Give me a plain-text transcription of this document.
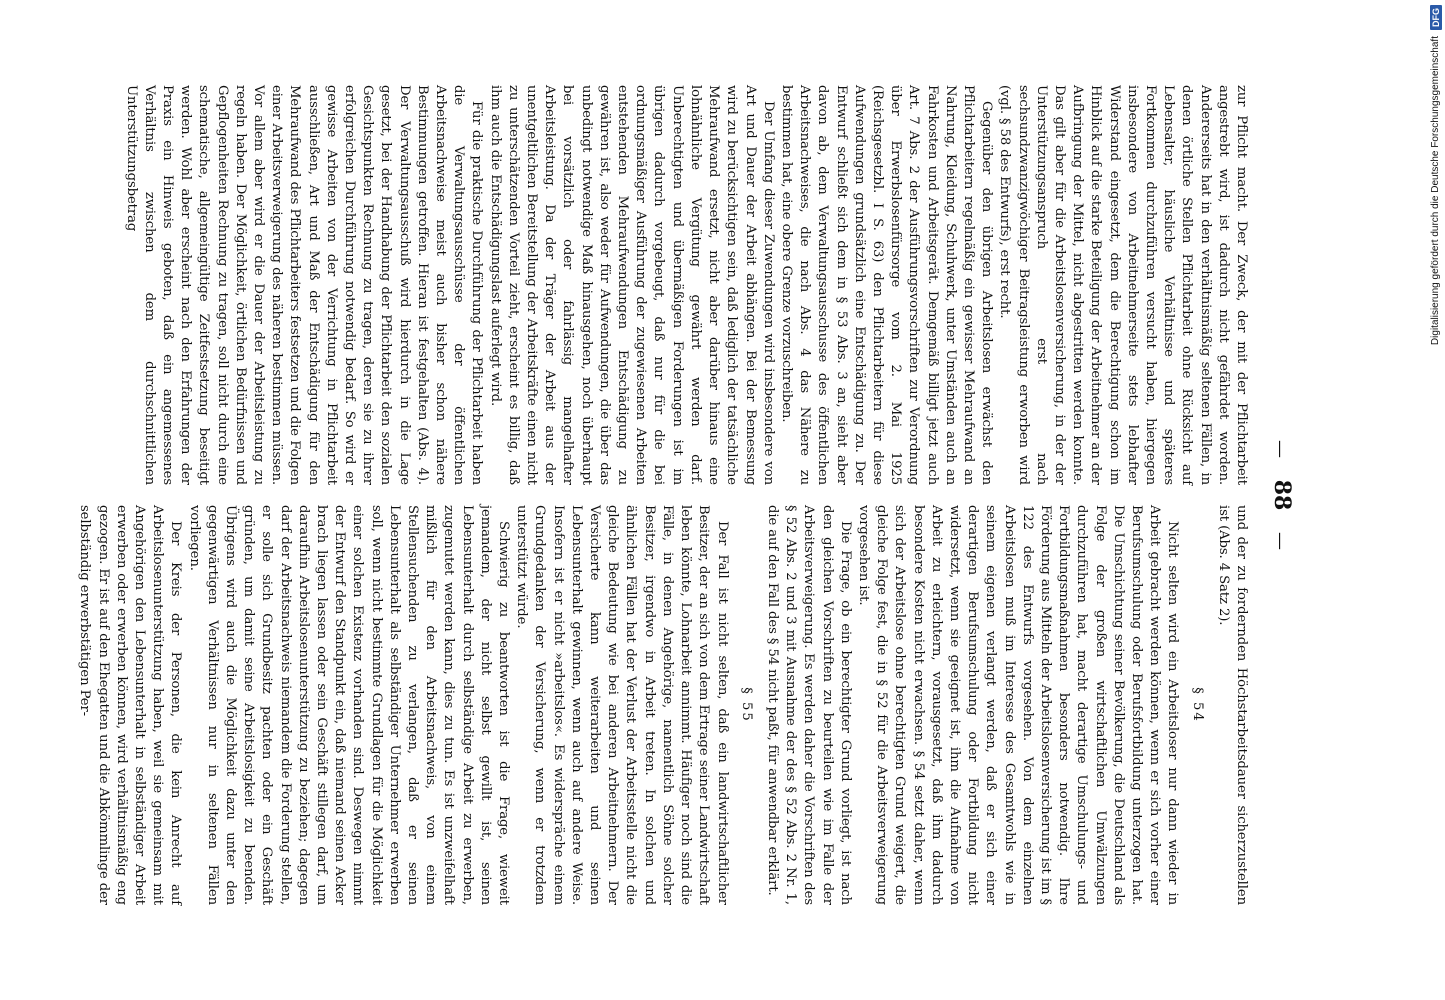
— 88 —

zur Pflicht macht. Der Zweck, der mit der Pflichtarbeit angestrebt wird, ist dadurch nicht gefährdet worden. Andererseits hat in den verhältnismäßig seltenen Fällen, in denen örtliche Stellen Pflichtarbeit ohne Rücksicht auf Lebensalter, häusliche Verhältnisse und späteres Fortkommen durchzuführen versucht haben, hiergegen insbesondere von Arbeitnehmerseite stets lebhafter Widerstand eingesetzt, dem die Berechtigung schon im Hinblick auf die starke Beteiligung der Arbeitnehmer an der Aufbringung der Mittel, nicht abgestritten werden konnte. Das gilt aber für die Arbeitslosenversicherung, in der der Unterstützungsanspruch erst nach sechsundzwanzigwöchiger Beitragsleistung erworben wird (vgl. § 58 des Entwurfs), erst recht.

Gegenüber den übrigen Arbeitslosen erwächst den Pflichtarbeitern regelmäßig ein gewisser Mehraufwand an Nahrung, Kleidung, Schuhwerk, unter Umständen auch an Fahrkosten und Arbeitsgerät. Demgemäß billigt jetzt auch Art. 7 Abs. 2 der Ausführungsvorschriften zur Verordnung über Erwerbslosenfürsorge vom 2. Mai 1925 (Reichsgesetzbl. I S. 63) den Pflichtarbeitern für diese Aufwendungen grundsätzlich eine Entschädigung zu. Der Entwurf schließt sich dem in § 53 Abs. 3 an, sieht aber davon ab, dem Verwaltungsausschusse des öffentlichen Arbeitsnachweises, die nach Abs. 4 das Nähere zu bestimmen hat, eine obere Grenze vorzuschreiben.

Der Umfang dieser Zuwendungen wird insbesondere von Art und Dauer der Arbeit abhängen. Bei der Bemessung wird zu berücksichtigen sein, daß lediglich der tatsächliche Mehraufwand ersetzt, nicht aber darüber hinaus eine lohnähnliche Vergütung gewährt werden darf. Unberechtigten und übermäßigen Forderungen ist im übrigen dadurch vorgebeugt, daß nur für die bei ordnungsmäßiger Ausführung der zugewiesenen Arbeiten entstehenden Mehraufwendungen Entschädigung zu gewähren ist, also weder für Aufwendungen, die über das unbedingt notwendige Maß hinausgehen, noch überhaupt bei vorsätzlich oder fahrlässig mangelhafter Arbeitsleistung. Da der Träger der Arbeit aus der unentgeltlichen Bereitstellung der Arbeitskräfte einen nicht zu unterschätzenden Vorteil zieht, erscheint es billig, daß ihm auch die Entschädigungslast auferlegt wird.

Für die praktische Durchführung der Pflichtarbeit haben die Verwaltungsausschüsse der öffentlichen Arbeitsnachweise meist auch bisher schon nähere Bestimmungen getroffen. Hieran ist festgehalten (Abs. 4). Der Verwaltungsausschuß wird hierdurch in die Lage gesetzt, bei der Handhabung der Pflichtarbeit den sozialen Gesichtspunkten Rechnung zu tragen, deren sie zu ihrer erfolgreichen Durchführung notwendig bedarf. So wird er gewisse Arbeiten von der Verrichtung in Pflichtarbeit ausschließen, Art und Maß der Entschädigung für den Mehraufwand des Pflichtarbeiters festsetzen und die Folgen einer Arbeitsverweigerung des näheren bestimmen müssen. Vor allem aber wird er die Dauer der Arbeitsleistung zu regeln haben. Der Möglichkeit, örtlichen Bedürfnissen und Gepflogenheiten Rechnung zu tragen, soll nicht durch eine schematische, allgemeingültige Zeitfestsetzung beseitigt werden. Wohl aber erscheint nach den Erfahrungen der Praxis ein Hinweis geboten, daß ein angemessenes Verhältnis zwischen dem durchschnittlichen Unterstützungsbetrag

und der zu fordernden Höchstarbeitsdauer sicherzustellen ist (Abs. 4 Satz 2).

§ 54

Nicht selten wird ein Arbeitsloser nur dann wieder in Arbeit gebracht werden können, wenn er sich vorher einer Berufsumschulung oder Berufsfortbildung unterzogen hat. Die Umschichtung seiner Bevölkerung, die Deutschland als Folge der großen wirtschaftlichen Umwälzungen durchzuführen hat, macht derartige Umschulungs- und Fortbildungsmaßnahmen besonders notwendig. Ihre Förderung aus Mitteln der Arbeitslosenversicherung ist im § 122 des Entwurfs vorgesehen. Von dem einzelnen Arbeitslosen muß im Interesse des Gesamtwohls wie in seinem eigenen verlangt werden, daß er sich einer derartigen Berufsumschulung oder Fortbildung nicht widersetzt, wenn sie geeignet ist, ihm die Aufnahme von Arbeit zu erleichtern, vorausgesetzt, daß ihm dadurch besondere Kosten nicht erwachsen. § 54 setzt daher, wenn sich der Arbeitslose ohne berechtigten Grund weigert, die gleiche Folge fest, die in § 52 für die Arbeitsverweigerung vorgesehen ist.

Die Frage, ob ein berechtigter Grund vorliegt, ist nach den gleichen Vorschriften zu beurteilen wie im Falle der Arbeitsverweigerung. Es werden daher die Vorschriften des § 52 Abs. 2 und 3 mit Ausnahme der des § 52 Abs. 2 Nr. 1, die auf den Fall des § 54 nicht paßt, für anwendbar erklärt.

§ 55

Der Fall ist nicht selten, daß ein landwirtschaftlicher Besitzer, der an sich von dem Ertrage seiner Landwirtschaft leben könnte, Lohnarbeit annimmt. Häufiger noch sind die Fälle, in denen Angehörige, namentlich Söhne solcher Besitzer, irgendwo in Arbeit treten. In solchen und ähnlichen Fällen hat der Verlust der Arbeitsstelle nicht die gleiche Bedeutung wie bei anderen Arbeitnehmern. Der Versicherte kann weiterarbeiten und seinen Lebensunterhalt gewinnen, wenn auch auf andere Weise. Insofern ist er nicht »arbeitslos«. Es widerspräche einem Grundgedanken der Versicherung, wenn er trotzdem unterstützt würde.

Schwierig zu beantworten ist die Frage, wieweit jemandem, der nicht selbst gewillt ist, seinen Lebensunterhalt durch selbständige Arbeit zu erwerben, zugemutet werden kann, dies zu tun. Es ist unzweifelhaft mißlich für den Arbeitsnachweis, von einem Stellensuchenden zu verlangen, daß er seinen Lebensunterhalt als selbständiger Unternehmer erwerben soll, wenn nicht bestimmte Grundlagen für die Möglichkeit einer solchen Existenz vorhanden sind. Deswegen nimmt der Entwurf den Standpunkt ein, daß niemand seinen Acker brach liegen lassen oder sein Geschäft stillegen darf, um daraufhin Arbeitslosenunterstützung zu beziehen; dagegen darf der Arbeitsnachweis niemandem die Forderung stellen, er solle sich Grundbesitz pachten oder ein Geschäft gründen, um damit seine Arbeitslosigkeit zu beenden. Übrigens wird auch die Möglichkeit dazu unter den gegenwärtigen Verhältnissen nur in seltenen Fällen vorliegen.

Der Kreis der Personen, die kein Anrecht auf Arbeitslosenunterstützung haben, weil sie gemeinsam mit Angehörigen den Lebensunterhalt in selbständiger Arbeit erwerben oder erwerben können, wird verhältnismäßig eng gezogen. Er ist auf den Ehegatten und die Abkömmlinge der selbständig erwerbstätigen Per-

Digitalisierung gefördert durch die Deutsche Forschungsgemeinschaft
DFG
